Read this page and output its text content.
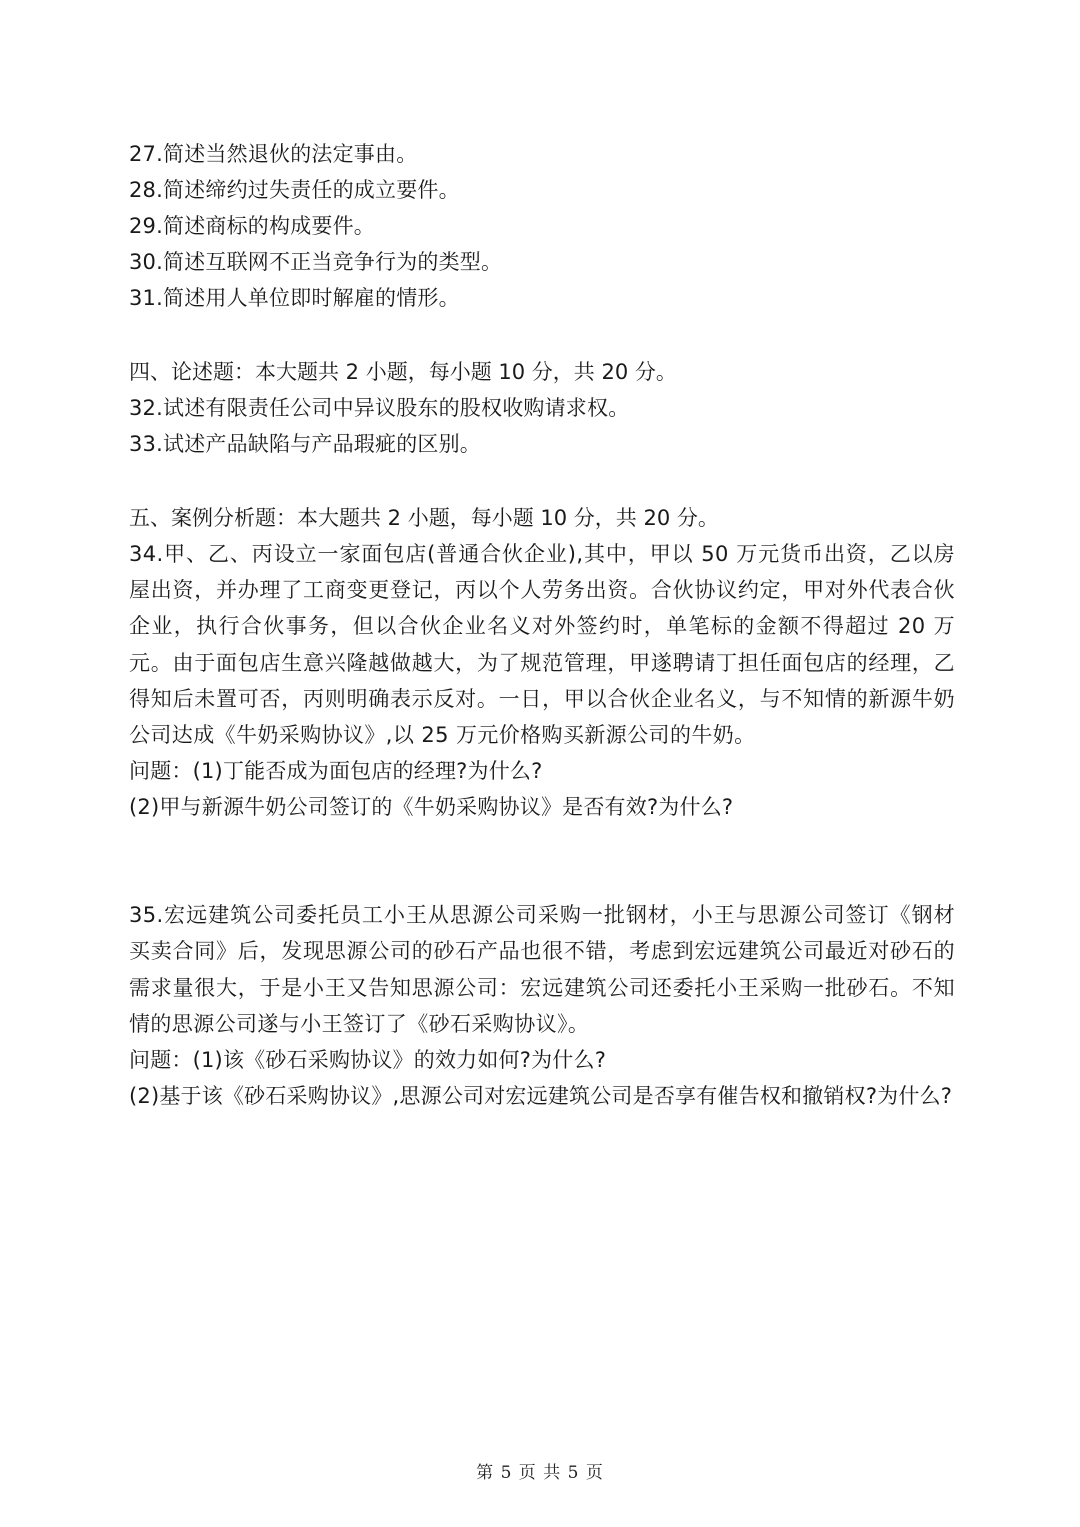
27.简述当然退伙的法定事由。
28.简述缔约过失责任的成立要件。
29.简述商标的构成要件。
30.简述互联网不正当竞争行为的类型。
31.简述用人单位即时解雇的情形。
四、论述题：本大题共 2 小题，每小题 10 分，共 20 分。
32.试述有限责任公司中异议股东的股权收购请求权。
33.试述产品缺陷与产品瑕疵的区别。
五、案例分析题：本大题共 2 小题，每小题 10 分，共 20 分。
34.甲、乙、丙设立一家面包店(普通合伙企业),其中，甲以 50 万元货币出资，乙以房屋出资，并办理了工商变更登记，丙以个人劳务出资。合伙协议约定，甲对外代表合伙企业，执行合伙事务，但以合伙企业名义对外签约时，单笔标的金额不得超过 20 万元。由于面包店生意兴隆越做越大，为了规范管理，甲遂聘请丁担任面包店的经理，乙得知后未置可否，丙则明确表示反对。一日，甲以合伙企业名义，与不知情的新源牛奶公司达成《牛奶采购协议》,以 25 万元价格购买新源公司的牛奶。
问题：(1)丁能否成为面包店的经理?为什么?
(2)甲与新源牛奶公司签订的《牛奶采购协议》是否有效?为什么?
35.宏远建筑公司委托员工小王从思源公司采购一批钢材，小王与思源公司签订《钢材买卖合同》后，发现思源公司的砂石产品也很不错，考虑到宏远建筑公司最近对砂石的需求量很大，于是小王又告知思源公司：宏远建筑公司还委托小王采购一批砂石。不知情的思源公司遂与小王签订了《砂石采购协议》。
问题：(1)该《砂石采购协议》的效力如何?为什么?
(2)基于该《砂石采购协议》,思源公司对宏远建筑公司是否享有催告权和撤销权?为什么?
第 5 页 共 5 页
